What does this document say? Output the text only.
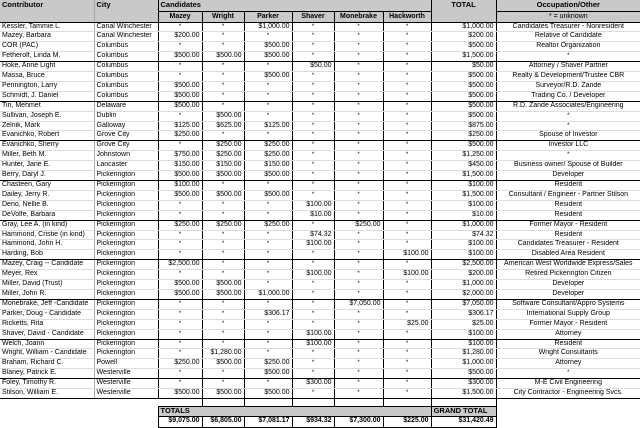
Contributor	City	Candidates						TOTAL	Occupation/Other
		Mazey	Wright	Parker	Shaver	Monebrake	Hackworth		* = unknown
Kessler, Tammie L.	Canal Winchester	*	*	$1,000.00	*	*	*	$1,000.00	Candidates Treasurer - Nonresident
Mazey, Barbara	Canal Winchester	$200.00	*	*	*	*	*	$200.00	Relative of Candidate
COR (PAC)	Columbus	*	*	$500.00	*	*	*	$500.00	Realtor Organization
Fetherolf, Linda M.	Columbus	$500.00	$500.00	$500.00	*	*	*	$1,500.00	*
Hoke, Anne Light	Columbus	*	*	*	$50.00	*	*	$50.00	Attorney / Shaver Partner
Massa, Bruce	Columbus	*	*	$500.00	*	*	*	$500.00	Realty & Development/Trustee CBR
Pennington, Larry	Columbus	$500.00	*	*	*	*	*	$500.00	Surveyor/R.D. Zande
Schmidt, J. Daniel	Columbus	$500.00	*	*	*	*	*	$500.00	Trading Co. / Developer
Tin, Mehmet	Delaware	$500.00	*	*	*	*	*	$500.00	R.D. Zande Associates/Engineering
Sullivan, Joseph E.	Dublin	*	$500.00	*	*	*	*	$500.00	*
Zelnik, Mark	Galloway	$125.00	$625.00	$125.00	*	*	*	$875.00	*
Evanichko, Robert	Grove City	$250.00	*	*	*	*	*	$250.00	Spouse of Investor
Evanichko, Sherry	Grove City	*	$250.00	$250.00	*	*	*	$500.00	Investor LLC
Miller, Beth M.	Johnstown	$750.00	$250.00	$250.00	*	*	*	$1,250.00	*
Hunter, Jane E.	Lancaster	$150.00	$150.00	$150.00	*	*	*	$450.00	Business owner/ Spouse of Builder
Berry, Daryl J.	Pickerington	$500.00	$500.00	$500.00	*	*	*	$1,500.00	Developer
Chasteen, Gary	Pickerington	$100.00	*	*	*	*	*	$100.00	Resident
Dailey, Jerry R.	Pickerington	$500.00	$500.00	$500.00	*	*	*	$1,500.00	Consultant / Engineer - Partner Stilson
Deno, Nellie B.	Pickerington	*	*	*	$100.00	*	*	$100.00	Resident
DeVolfe, Barbara	Pickerington	*	*	*	$10.00	*	*	$10.00	Resident
Gray, Lee A. (in kind)	Pickerington	$250.00	$250.00	$250.00	*	$250.00	*	$1,000.00	Former Mayor - Resident
Hammond, Cristie (in kind)	Pickerington	*	*	*	$74.32	*	*	$74.32	Resident
Hammond, John H.	Pickerington	*	*	*	$100.00	*	*	$100.00	Candidates Treasurer - Resident
Harding, Bob	Pickerington	*	*	*	*	*	$100.00	$100.00	Disabled Area Resident
Mazey, Craig -- Candidate	Pickerington	$2,500.00	*	*	*	*	*	$2,500.00	American West Worldwide Express/Sales
Meyer, Rex	Pickerington	*	*	*	$100.00	*	$100.00	$200.00	Retired Pickerington Citizen
Miller, David (Trust)	Pickerington	$500.00	$500.00	*	*	*	*	$1,000.00	Developer
Miller, John R.	Pickerington	$500.00	$500.00	$1,000.00	*	*	*	$2,000.00	Developer
Monebrake, Jeff -Candidate	Pickerington	*	*	*	*	$7,050.00	*	$7,050.00	Software Consultant/Appro Systems
Parker, Doug - Candidate	Pickerington	*	*	$306.17	*	*	*	$306.17	International Supply Group
Ricketts, Rita	Pickerington	*	*	*	*	*	$25.00	$25.00	Former Mayor - Resident
Shaver, David - Candidate	Pickerington	*	*	*	$100.00	*	*	$100.00	Attorney
Welch, Joann	Pickerington	*	*	*	$100.00	*	*	$100.00	Resident
Wright, William - Candidate	Pickerington	*	$1,280.00	*	*	*	*	$1,280.00	Wright Consultants
Braham, Richard C.	Powell	$250.00	$500.00	$250.00	*	*	*	$1,000.00	Attorney
Blaney, Patrick E.	Westerville	*	*	$500.00	*	*	*	$500.00	*
Foley, Timothy R.	Westerville	*	*	*	$300.00	*	*	$300.00	M-E Civil Engineering
Stilson, William E.	Westerville	$500.00	$500.00	$500.00	*	*	*	$1,500.00	City Contractor - Engineering Svcs.

		TOTALS						GRAND TOTAL	
		$9,075.00	$6,805.00	$7,081.17	$934.32	$7,300.00	$225.00	$31,420.49	
